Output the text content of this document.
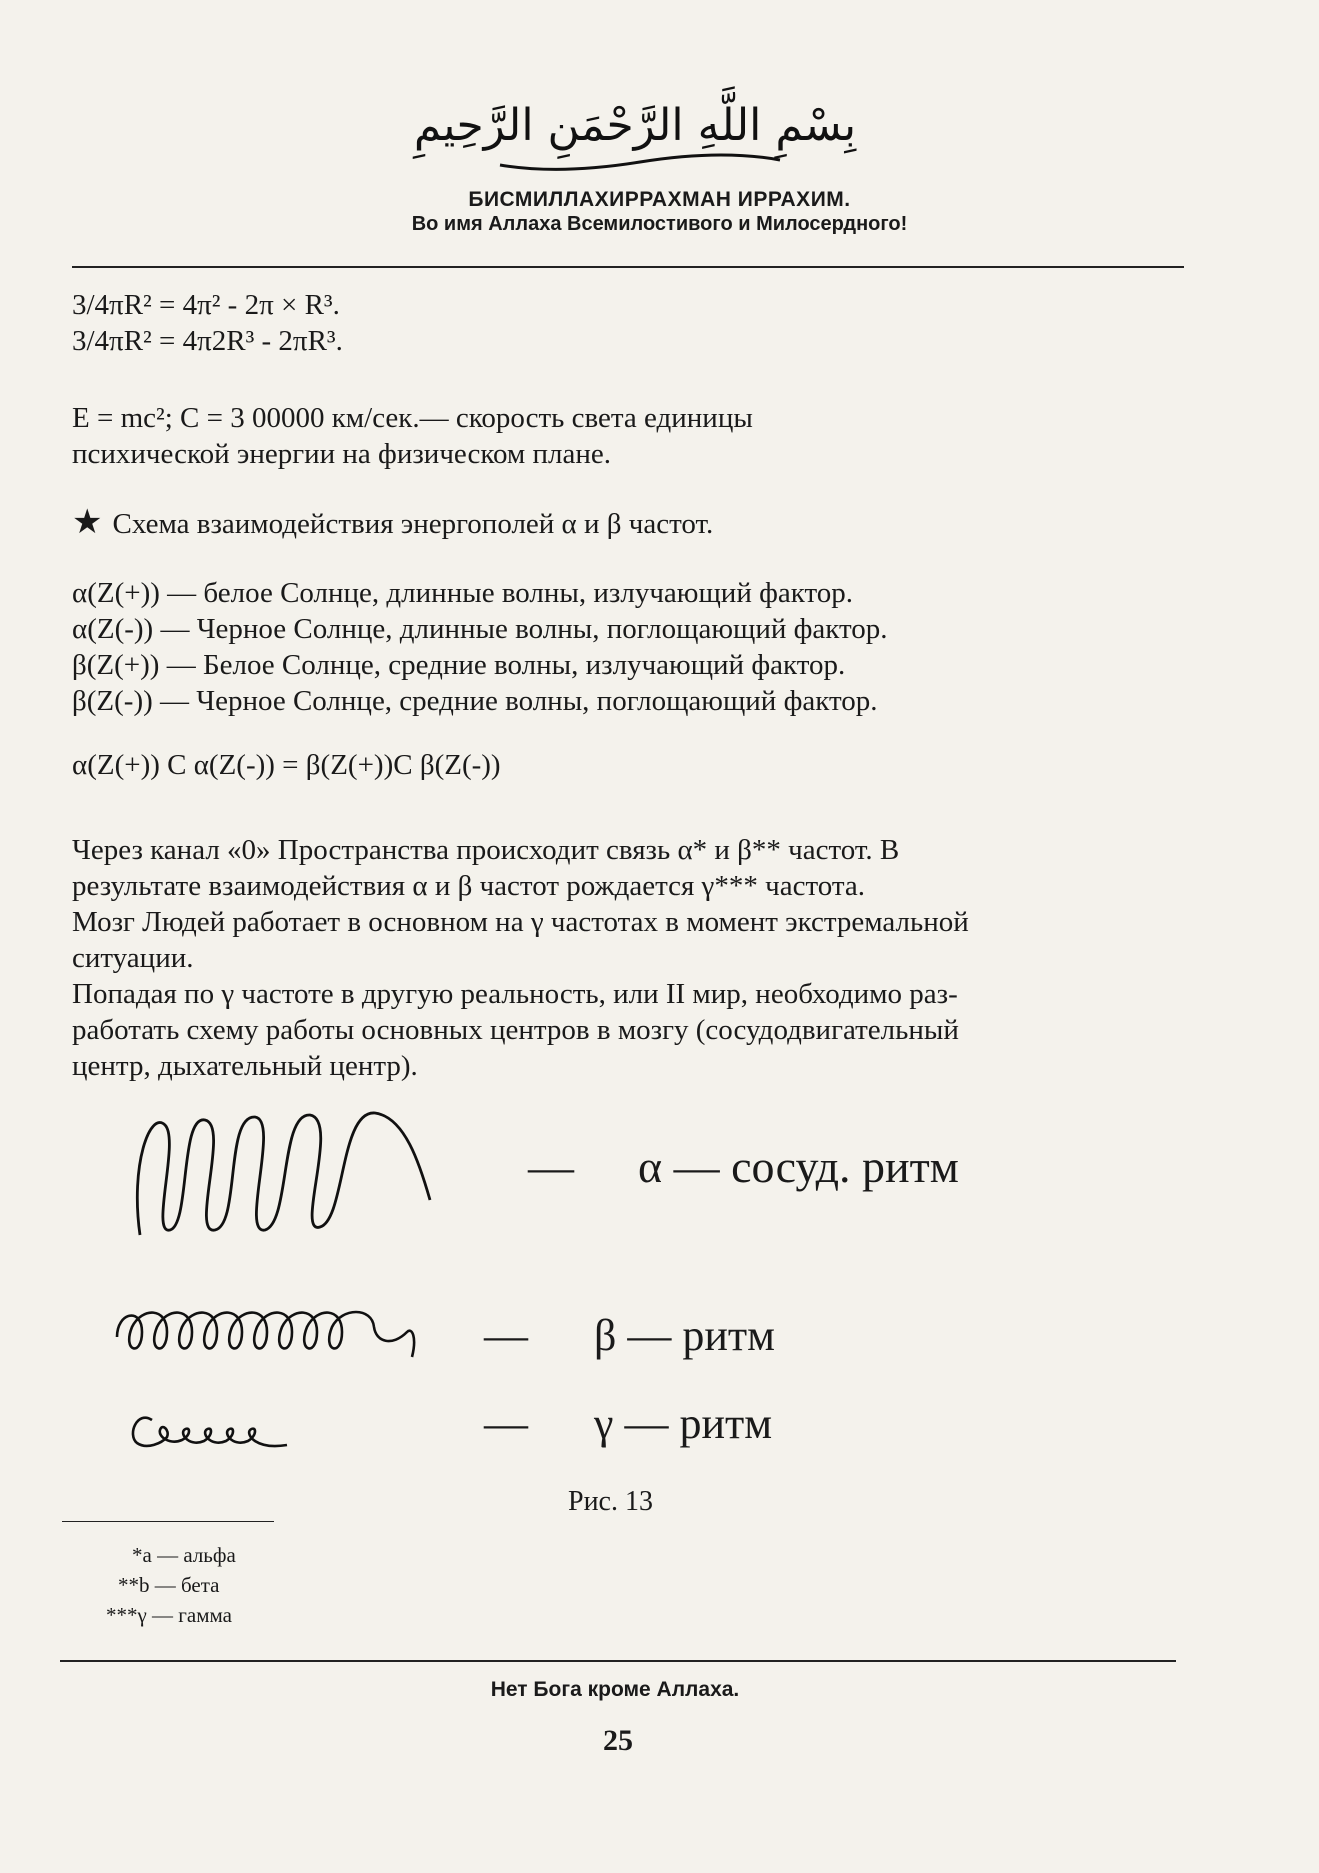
بِسْمِ اللَّهِ الرَّحْمَنِ الرَّحِيمِ
БИСМИЛЛАХИРРАХМАН ИРРАХИМ.
Во имя Аллаха Всемилостивого и Милосердного!
3/4πR² = 4π² - 2π × R³.
3/4πR² = 4π2R³ - 2πR³.
E = mc²; C = 3 00000 км/сек.— скорость света единицы
психической энергии на физическом плане.
★ Схема взаимодействия энергополей α и β частот.
α(Z(+)) — белое Солнце, длинные волны, излучающий фактор.
α(Z(-)) — Черное Солнце, длинные волны, поглощающий фактор.
β(Z(+)) — Белое Солнце, средние волны, излучающий фактор.
β(Z(-)) — Черное Солнце, средние волны, поглощающий фактор.
α(Z(+)) С α(Z(-)) = β(Z(+))С β(Z(-))
Через канал «0» Пространства происходит связь α* и β** частот. В
результате взаимодействия α и β частот рождается γ*** частота.
Мозг Людей работает в основном на γ частотах в момент экстремальной
ситуации.
Попадая по γ частоте в другую реальность, или II мир, необходимо раз-
работать схему работы основных центров в мозгу (сосудодвигательный
центр, дыхательный центр).
— α — сосуд. ритм
— β — ритм
— γ — ритм
Рис. 13
*а — альфа
**b — бета
***γ — гамма
Нет Бога кроме Аллаха.
25
